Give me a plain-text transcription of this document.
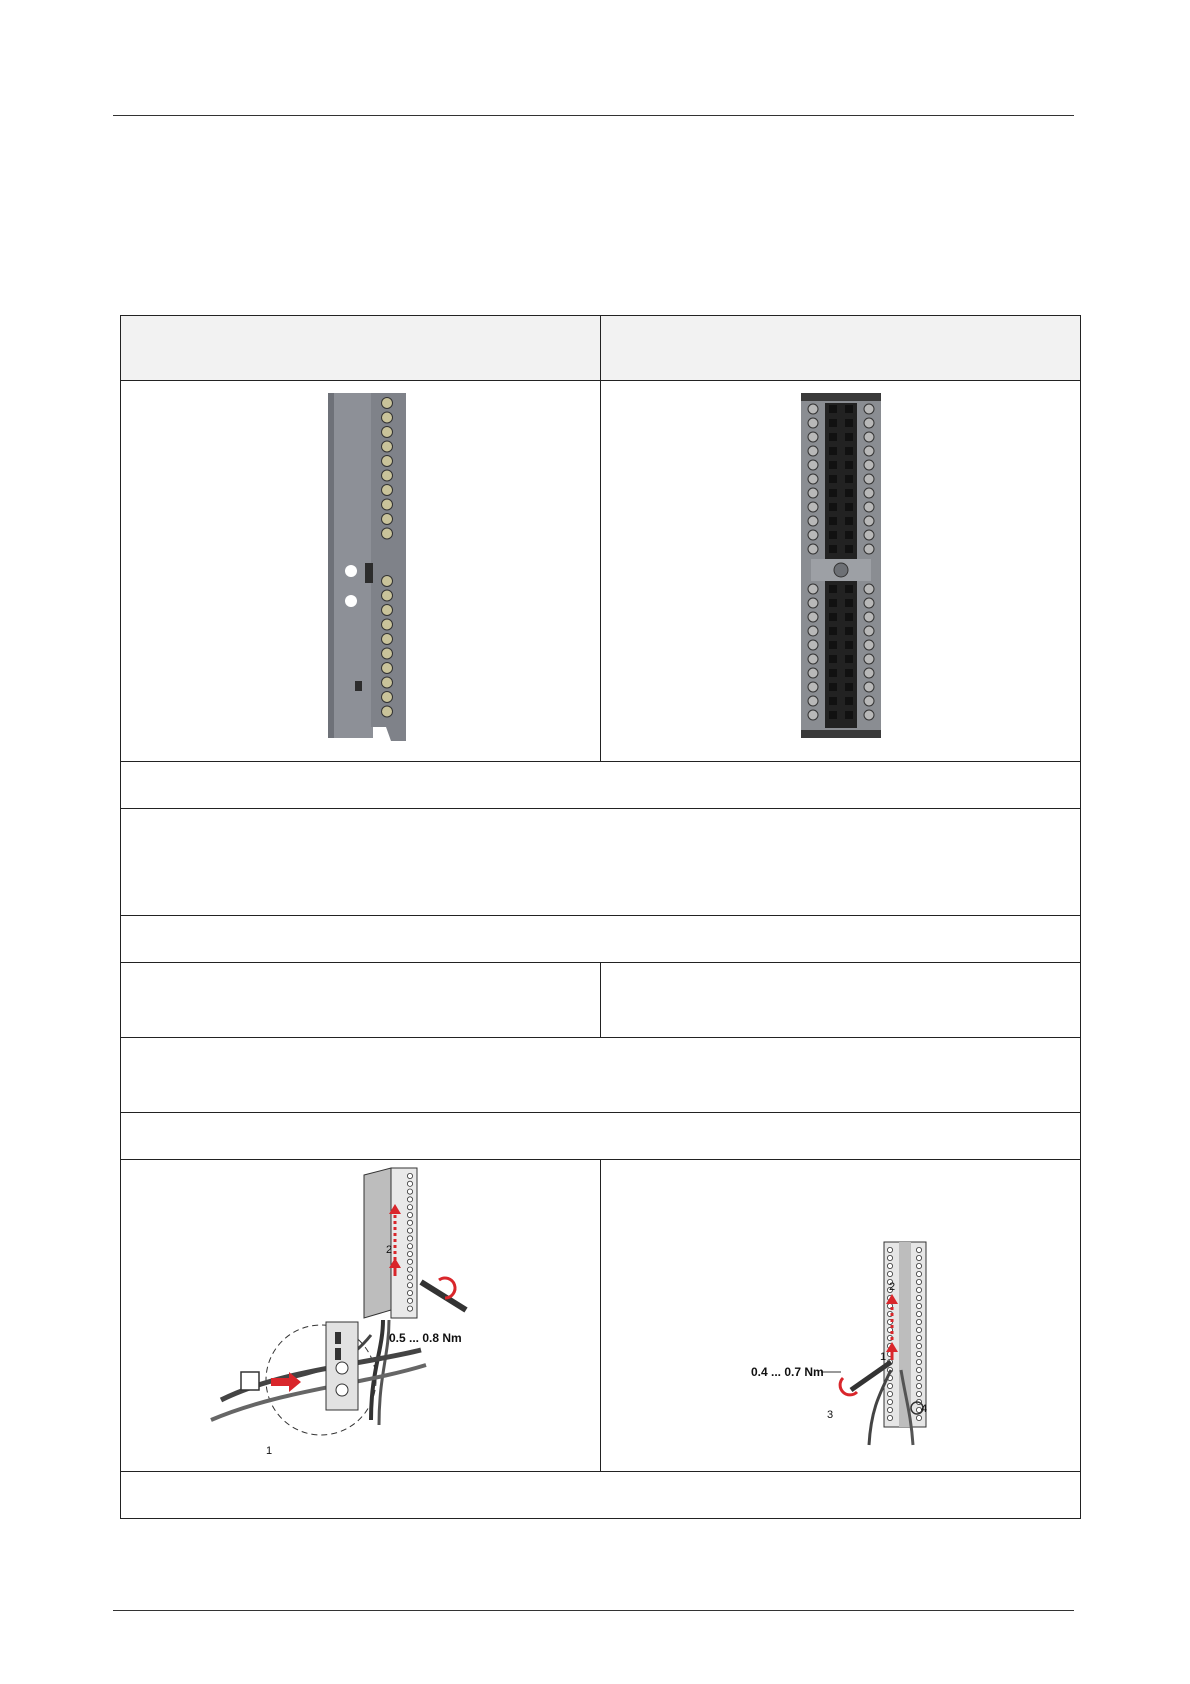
2
0.5 ... 0.8 Nm
1	2
1
0.4 ... 0.7 Nm
3 4
